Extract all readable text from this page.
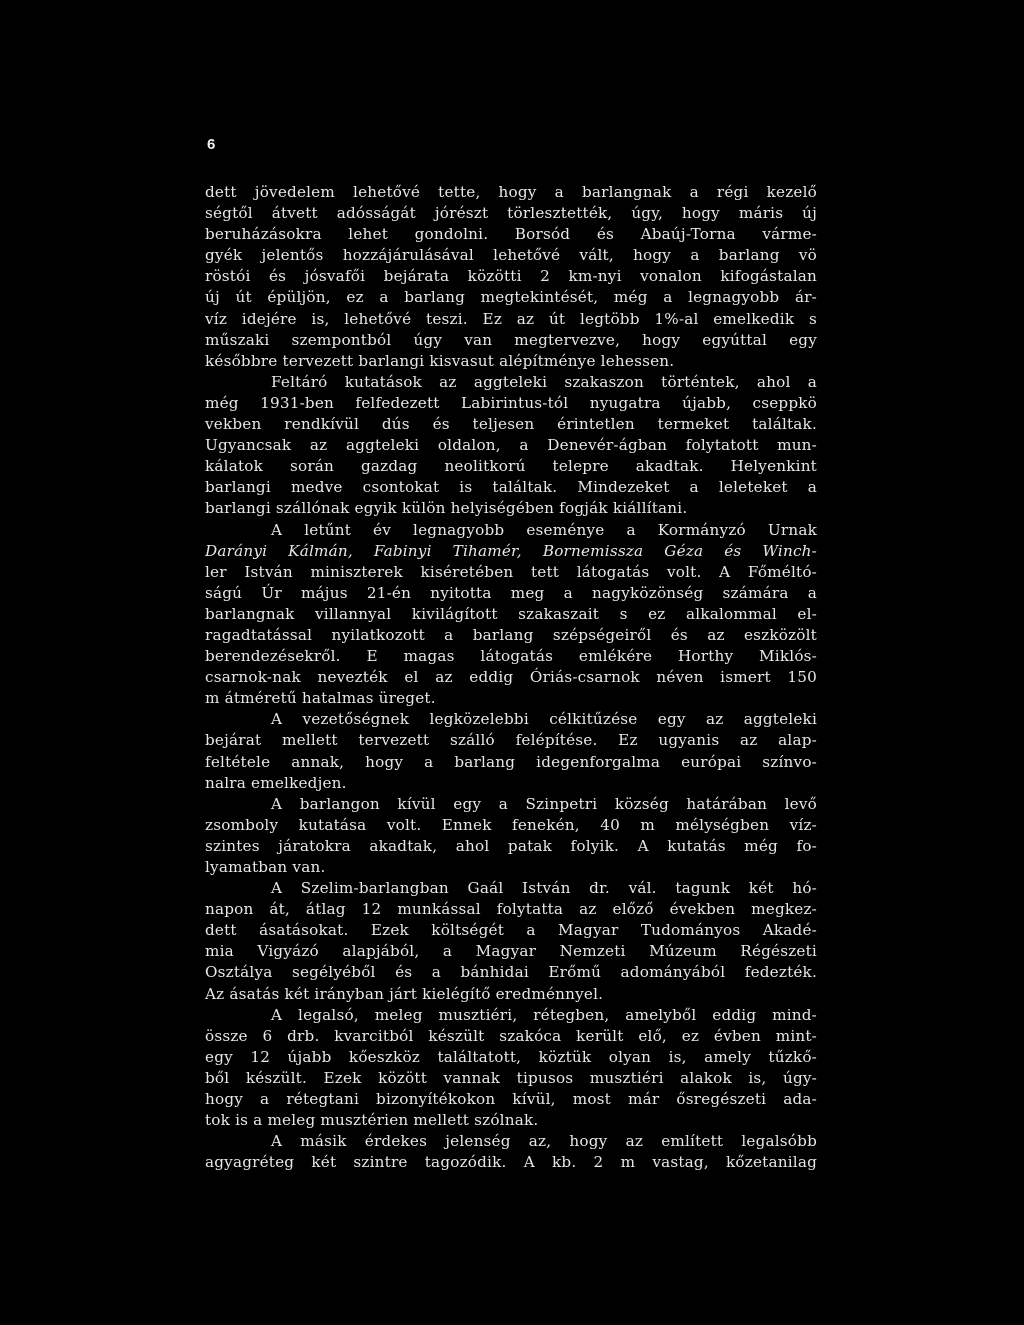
6
dett jövedelem lehetővé tette, hogy a barlangnak a régi kezelő
ségtől átvett adósságát jórészt törlesztették, úgy, hogy máris új
beruházásokra lehet gondolni. Borsód és Abaúj-Torna várme-
gyék jelentős hozzájárulásával lehetővé vált, hogy a barlang vö
röstói és jósvafői bejárata közötti 2 km-nyi vonalon kifogástalan
új út épüljön, ez a barlang megtekintését, még a legnagyobb ár-
víz idejére is, lehetővé teszi. Ez az út legtöbb 1%-al emelkedik s
műszaki szempontból úgy van megtervezve, hogy egyúttal egy
későbbre tervezett barlangi kisvasut alépítménye lehessen.
Feltáró kutatások az aggteleki szakaszon történtek, ahol a
még 1931-ben felfedezett Labirintus-tól nyugatra újabb, cseppkö
vekben rendkívül dús és teljesen érintetlen termeket találtak.
Ugyancsak az aggteleki oldalon, a Denevér-ágban folytatott mun-
kálatok során gazdag neolitkorú telepre akadtak. Helyenkint
barlangi medve csontokat is találtak. Mindezeket a leleteket a
barlangi szállónak egyik külön helyiségében fogják kiállítani.
A letűnt év legnagyobb eseménye a Kormányzó Urnak
Darányi Kálmán, Fabinyi Tihamér, Bornemissza Géza és Winch-
ler István miniszterek kiséretében tett látogatás volt. A Főméltó-
ságú Úr május 21-én nyitotta meg a nagyközönség számára a
barlangnak villannyal kivilágított szakaszait s ez alkalommal el-
ragadtatással nyilatkozott a barlang szépségeiről és az eszközölt
berendezésekről. E magas látogatás emlékére Horthy Miklós-
csarnok-nak nevezték el az eddig Óriás-csarnok néven ismert 150
m átméretű hatalmas üreget.
A vezetőségnek legközelebbi célkitűzése egy az aggteleki
bejárat mellett tervezett szálló felépítése. Ez ugyanis az alap-
feltétele annak, hogy a barlang idegenforgalma európai színvo-
nalra emelkedjen.
A barlangon kívül egy a Szinpetri község határában levő
zsomboly kutatása volt. Ennek fenekén, 40 m mélységben víz-
szintes járatokra akadtak, ahol patak folyik. A kutatás még fo-
lyamatban van.
A Szelim-barlangban Gaál István dr. vál. tagunk két hó-
napon át, átlag 12 munkással folytatta az előző években megkez-
dett ásatásokat. Ezek költségét a Magyar Tudományos Akadé-
mia Vigyázó alapjából, a Magyar Nemzeti Múzeum Régészeti
Osztálya segélyéből és a bánhidai Erőmű adományából fedezték.
Az ásatás két irányban járt kielégítő eredménnyel.
A legalsó, meleg musztiéri, rétegben, amelyből eddig mind-
össze 6 drb. kvarcitból készült szakóca került elő, ez évben mint-
egy 12 újabb kőeszköz találtatott, köztük olyan is, amely tűzkő-
ből készült. Ezek között vannak tipusos musztiéri alakok is, úgy-
hogy a rétegtani bizonyítékokon kívül, most már ősregészeti ada-
tok is a meleg musztérien mellett szólnak.
A másik érdekes jelenség az, hogy az említett legalsóbb
agyagréteg két szintre tagozódik. A kb. 2 m vastag, kőzetanilag
